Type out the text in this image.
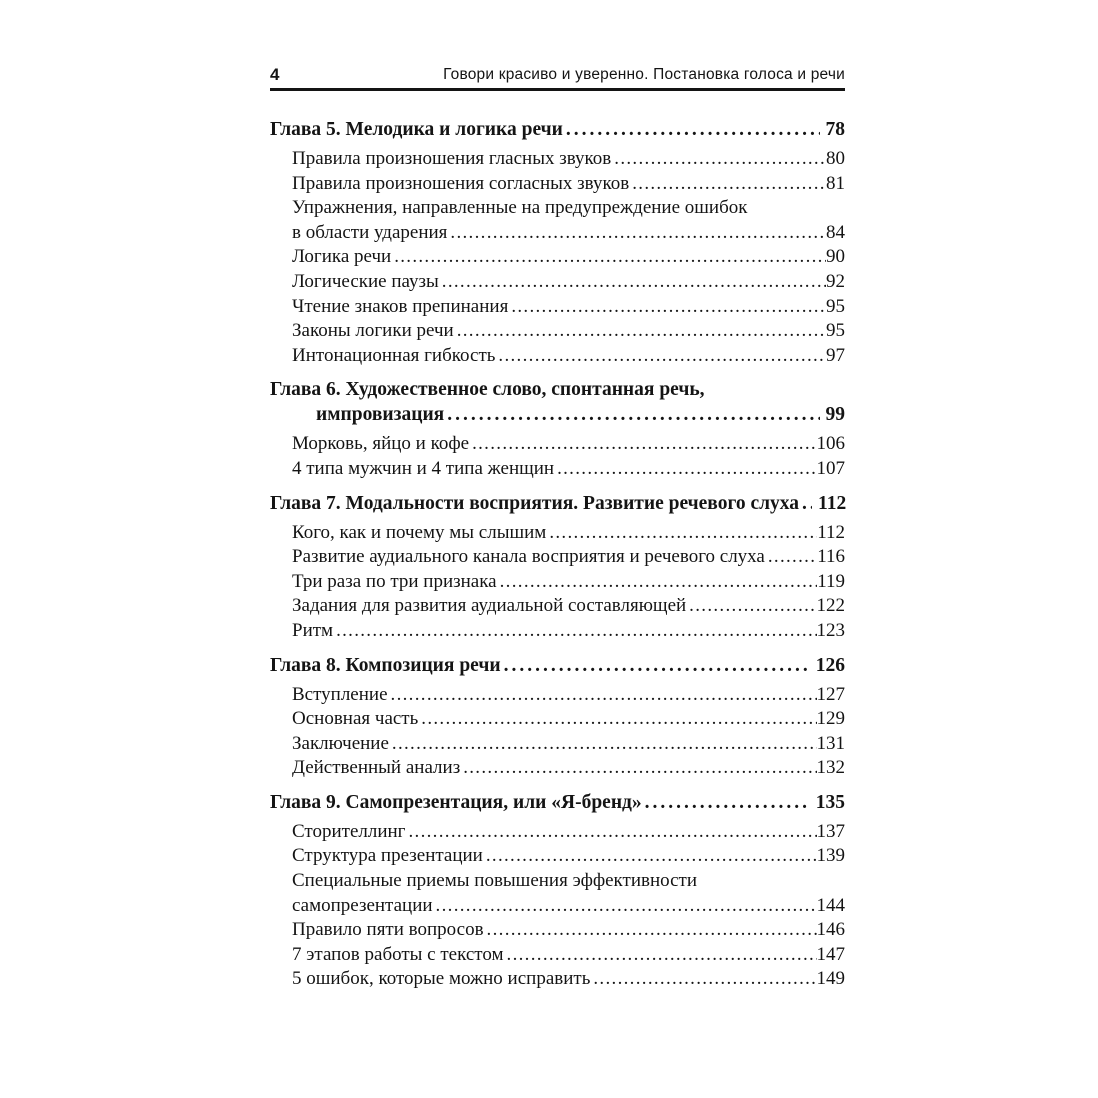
4	Говори красиво и уверенно. Постановка голоса и речи
Глава 5. Мелодика и логика речи .....	78
Правила произношения гласных звуков .....	80
Правила произношения согласных звуков .....	81
Упражнения, направленные на предупреждение ошибок
в области ударения .....	84
Логика речи .....	90
Логические паузы .....	92
Чтение знаков препинания .....	95
Законы логики речи .....	95
Интонационная гибкость .....	97
Глава 6. Художественное слово, спонтанная речь,
импровизация .....	99
Морковь, яйцо и кофе .....	106
4 типа мужчин и 4 типа женщин .....	107
Глава 7. Модальности восприятия. Развитие речевого слуха ..... 112
Кого, как и почему мы слышим .....	112
Развитие аудиального канала восприятия и речевого слуха .....	116
Три раза по три признака .....	119
Задания для развития аудиальной составляющей .....	122
Ритм .....	123
Глава 8. Композиция речи .....	126
Вступление .....	127
Основная часть .....	129
Заключение .....	131
Действенный анализ .....	132
Глава 9. Самопрезентация, или «Я-бренд» .....	135
Сторителлинг .....	137
Структура презентации .....	139
Специальные приемы повышения эффективности
самопрезентации .....	144
Правило пяти вопросов .....	146
7 этапов работы с текстом .....	147
5 ошибок, которые можно исправить .....	149
